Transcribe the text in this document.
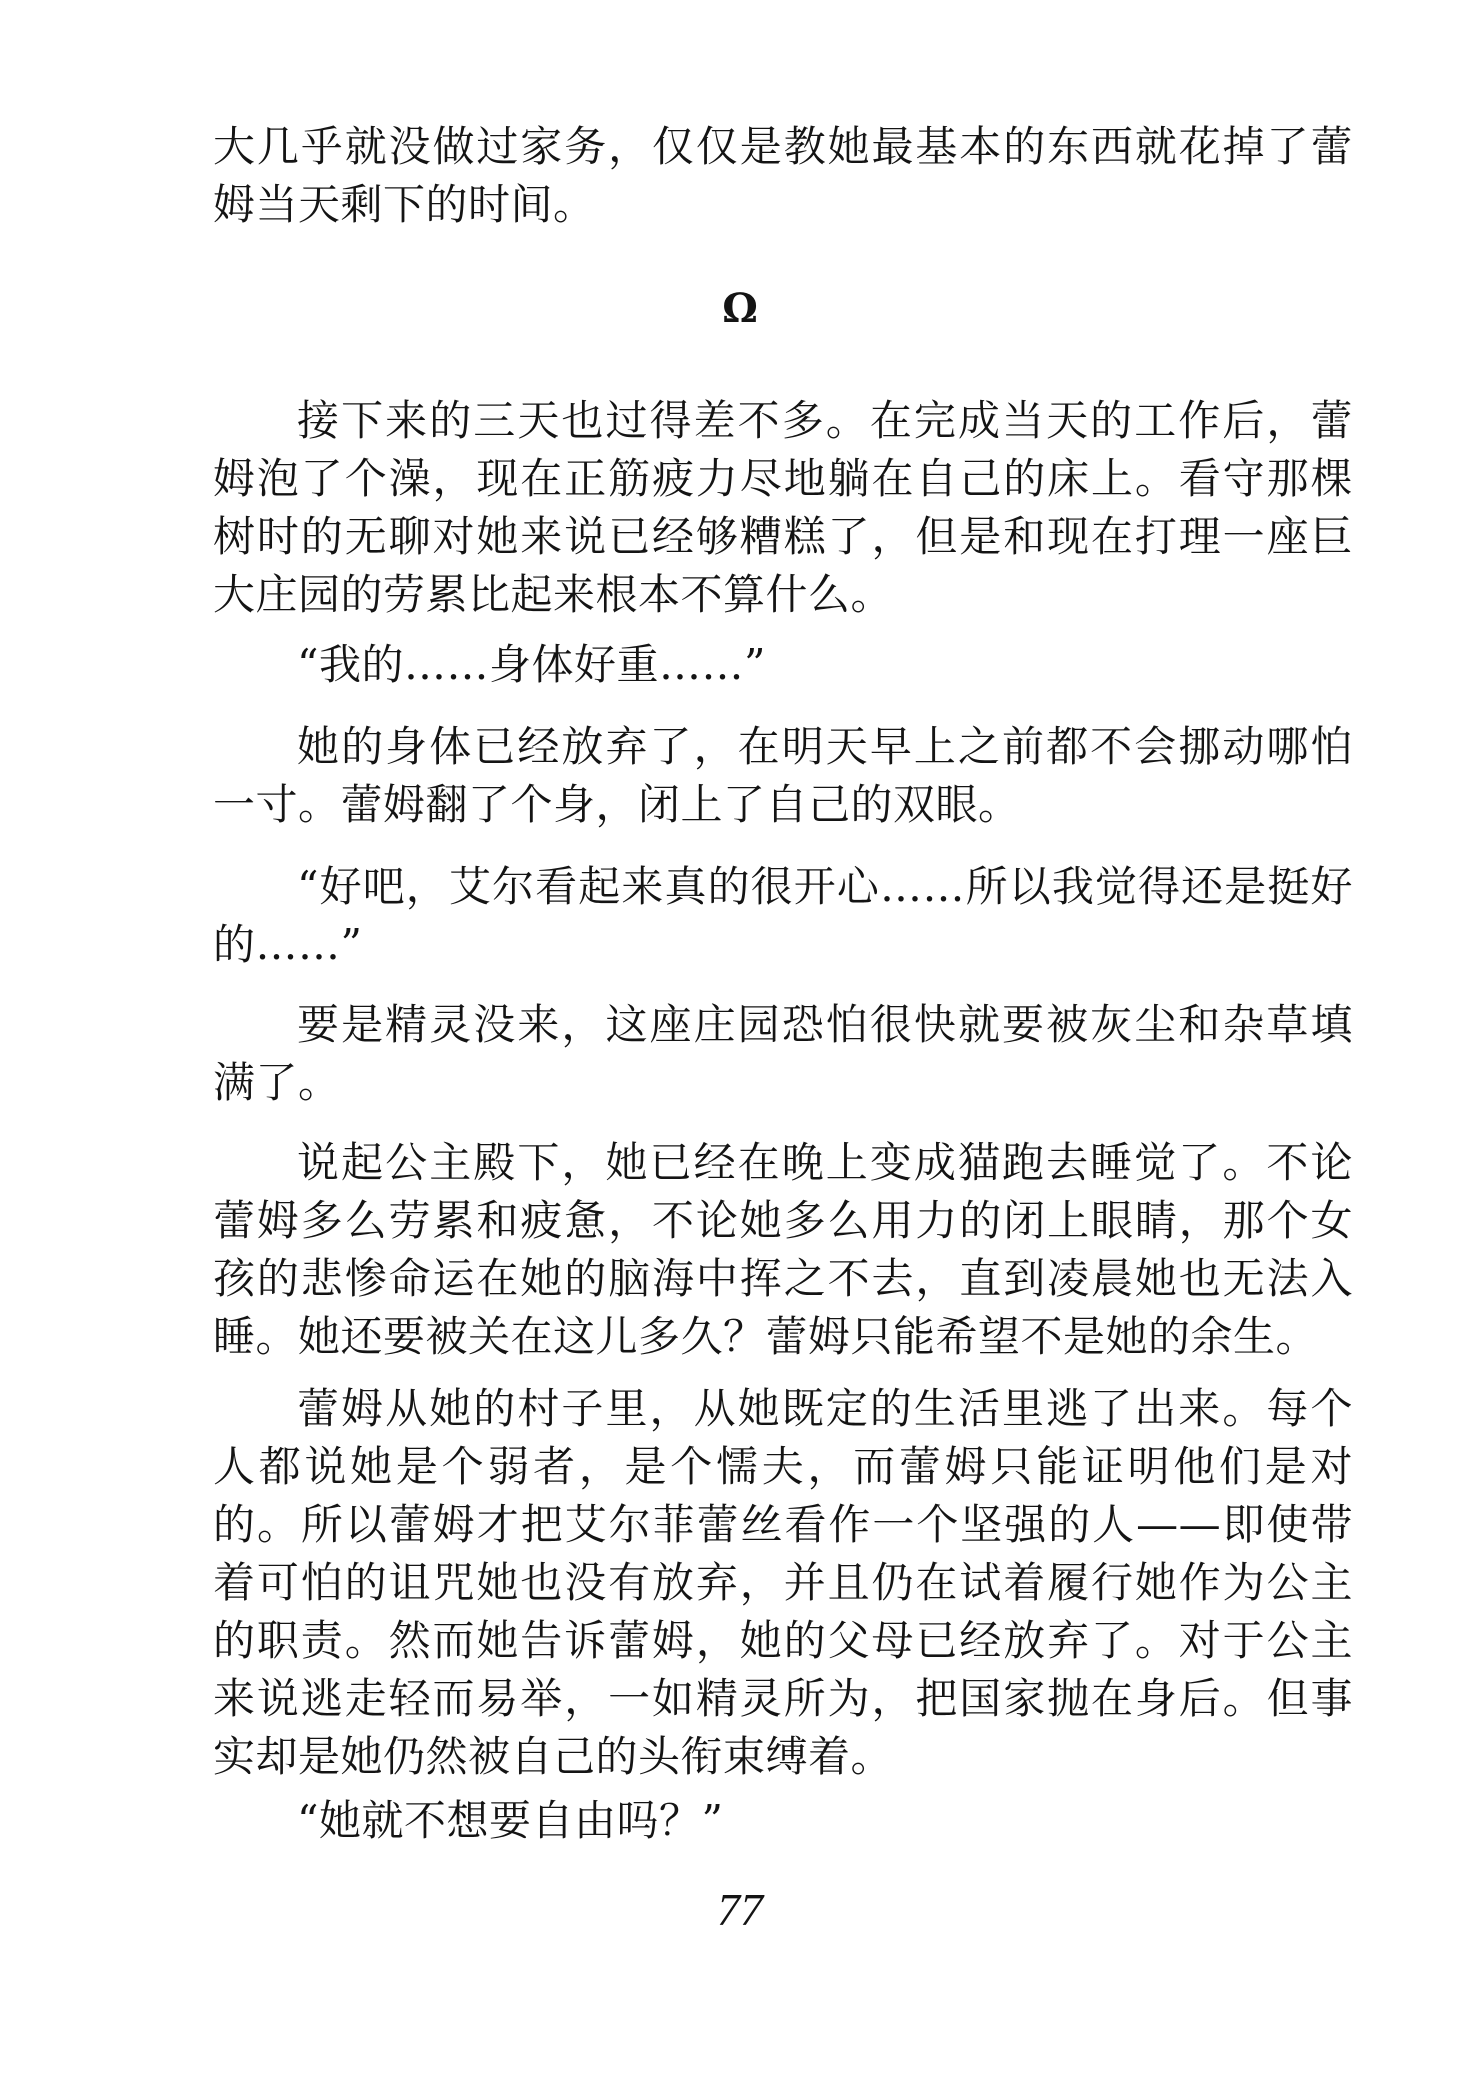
大几乎就没做过家务，仅仅是教她最基本的东西就花掉了蕾姆当天剩下的时间。

Ω

接下来的三天也过得差不多。在完成当天的工作后，蕾姆泡了个澡，现在正筋疲力尽地躺在自己的床上。看守那棵树时的无聊对她来说已经够糟糕了，但是和现在打理一座巨大庄园的劳累比起来根本不算什么。

“我的……身体好重……”

她的身体已经放弃了，在明天早上之前都不会挪动哪怕一寸。蕾姆翻了个身，闭上了自己的双眼。

“好吧，艾尔看起来真的很开心……所以我觉得还是挺好的……”

要是精灵没来，这座庄园恐怕很快就要被灰尘和杂草填满了。

说起公主殿下，她已经在晚上变成猫跑去睡觉了。不论蕾姆多么劳累和疲惫，不论她多么用力的闭上眼睛，那个女孩的悲惨命运在她的脑海中挥之不去，直到凌晨她也无法入睡。她还要被关在这儿多久？蕾姆只能希望不是她的余生。

蕾姆从她的村子里，从她既定的生活里逃了出来。每个人都说她是个弱者，是个懦夫，而蕾姆只能证明他们是对的。所以蕾姆才把艾尔菲蕾丝看作一个坚强的人——即使带着可怕的诅咒她也没有放弃，并且仍在试着履行她作为公主的职责。然而她告诉蕾姆，她的父母已经放弃了。对于公主来说逃走轻而易举，一如精灵所为，把国家抛在身后。但事实却是她仍然被自己的头衔束缚着。

“她就不想要自由吗？”

77
